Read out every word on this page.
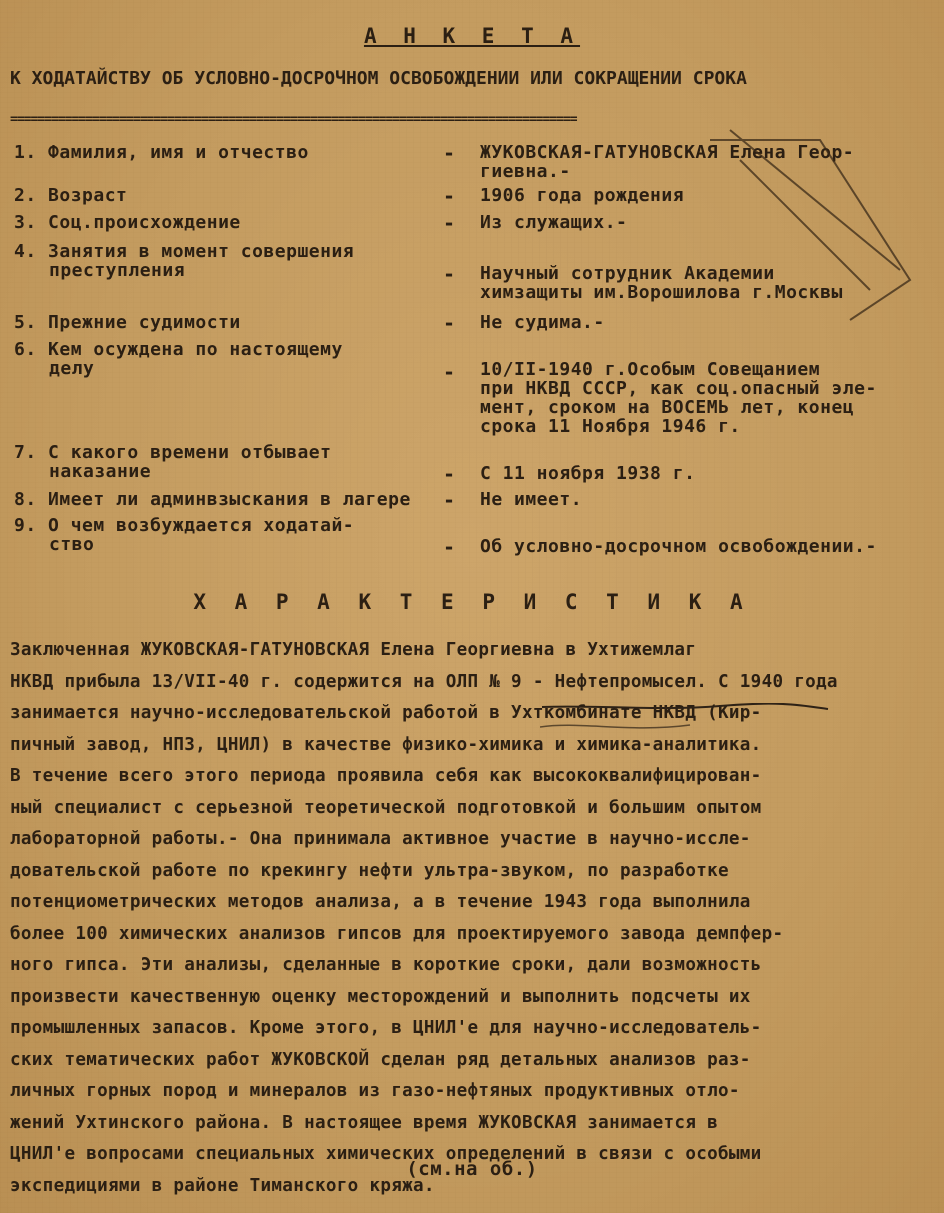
А Н К Е Т А
К ХОДАТАЙСТВУ ОБ УСЛОВНО-ДОСРОЧНОМ ОСВОБОЖДЕНИИ ИЛИ СОКРАЩЕНИИ СРОКА
===================================================================================
1. Фамилия, имя и отчество	- ЖУКОВСКАЯ-ГАТУНОВСКАЯ Елена Геор-
гиевна.-
2. Возраст	- 1906 года рождения
3. Соц.происхождение	- Из служащих.-
4. Занятия в момент совершения
преступления	- Научный сотрудник Академии химзащиты им.Ворошилова г.Москвы
5. Прежние судимости	- Не судима.-
6. Кем осуждена по настоящему
делу	- 10/II-1940 г.Особым Совещанием
при НКВД СССР, как соц.опасный эле-
мент, сроком на ВОСЕМЬ лет, конец
срока 11 Ноября 1946 г.
7. С какого времени отбывает
наказание	- С 11 ноября 1938 г.
8. Имеет ли админвзыскания в лагере - Не имеет.
9. О чем возбуждается ходатай-
ство	- Об условно-досрочном освобождении.-
Х А Р А К Т Е Р И С Т И К А
Заключенная ЖУКОВСКАЯ-ГАТУНОВСКАЯ Елена Георгиевна в Ухтижемлаг
НКВД прибыла 13/VII-40 г. содержится на ОЛП № 9 - Нефтепромысел. С 1940 года
занимается научно-исследовательской работой в Ухткомбинате НКВД (Кир-
пичный завод, НПЗ, ЦНИЛ) в качестве физико-химика и химика-аналитика.
В течение всего этого периода проявила себя как высококвалифицирован-
ный специалист с серьезной теоретической подготовкой и большим опытом
лабораторной работы.- Она принимала активное участие в научно-иссле-
довательской работе по крекингу нефти ультра-звуком, по разработке
потенциометрических методов анализа, а в течение 1943 года выполнила
более 100 химических анализов гипсов для проектируемого завода демпфер-
ного гипса. Эти анализы, сделанные в короткие сроки, дали возможность
произвести качественную оценку месторождений и выполнить подсчеты их
промышленных запасов. Кроме этого, в ЦНИЛ'е для научно-исследователь-
ских тематических работ ЖУКОВСКОЙ сделан ряд детальных анализов раз-
личных горных пород и минералов из газо-нефтяных продуктивных отло-
жений Ухтинского района. В настоящее время ЖУКОВСКАЯ занимается в
ЦНИЛ'е вопросами специальных химических определений в связи с особыми
экспедициями в районе Тиманского кряжа.
(см.на об.)
